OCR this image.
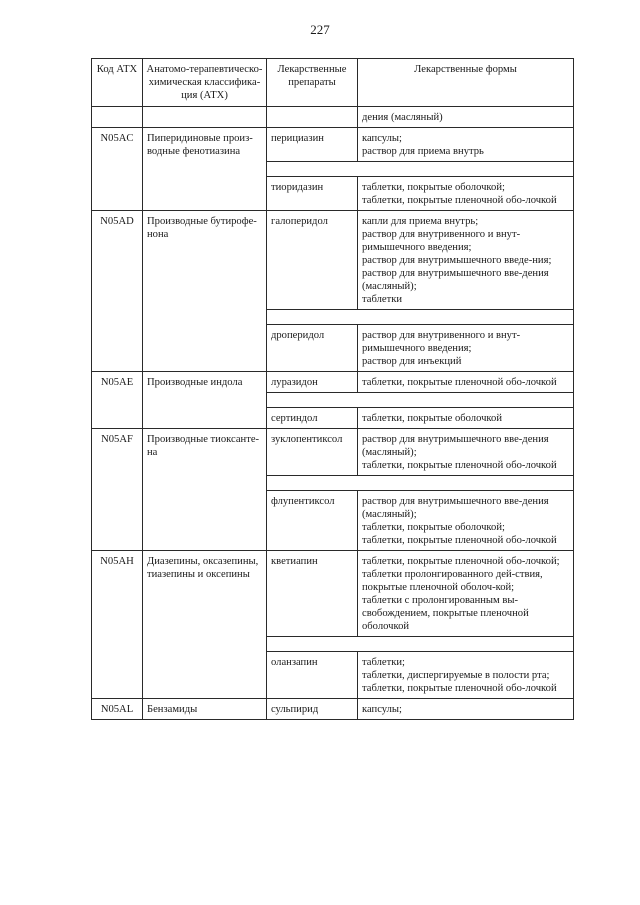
227
Код АТХ	Анатомо-терапевтическо-химическая классифика-ция (АТХ)	Лекарственные препараты	Лекарственные формы
			дения (масляный)
N05AC	Пиперидиновые произ-водные фенотиазина	перициазин	капсулы;
раствор для приема внутрь

		тиоридазин	таблетки, покрытые оболочкой;
таблетки, покрытые пленочной обо-лочкой

N05AD	Производные бутирофе-нона	галоперидол	капли для приема внутрь;
раствор для внутривенного и внут-римышечного введения;
раствор для внутримышечного введе-ния;
раствор для внутримышечного вве-дения (масляный);
таблетки

		дроперидол	раствор для внутривенного и внут-римышечного введения;
раствор для инъекций

N05AE	Производные индола	луразидон	таблетки, покрытые пленочной обо-лочкой

		сертиндол	таблетки, покрытые оболочкой

N05AF	Производные тиоксанте-на	зуклопентиксол	раствор для внутримышечного вве-дения (масляный);
таблетки, покрытые пленочной обо-лочкой

		флупентиксол	раствор для внутримышечного вве-дения (масляный);
таблетки, покрытые оболочкой;
таблетки, покрытые пленочной обо-лочкой

N05AH	Диазепины, оксазепины, тиазепины и оксепины	кветиапин	таблетки, покрытые пленочной обо-лочкой;
таблетки пролонгированного дей-ствия, покрытые пленочной оболоч-кой;
таблетки с пролонгированным вы-свобождением, покрытые пленочной оболочкой

		оланзапин	таблетки;
таблетки, диспергируемые в полости рта;
таблетки, покрытые пленочной обо-лочкой

N05AL	Бензамиды	сульпирид	капсулы;
